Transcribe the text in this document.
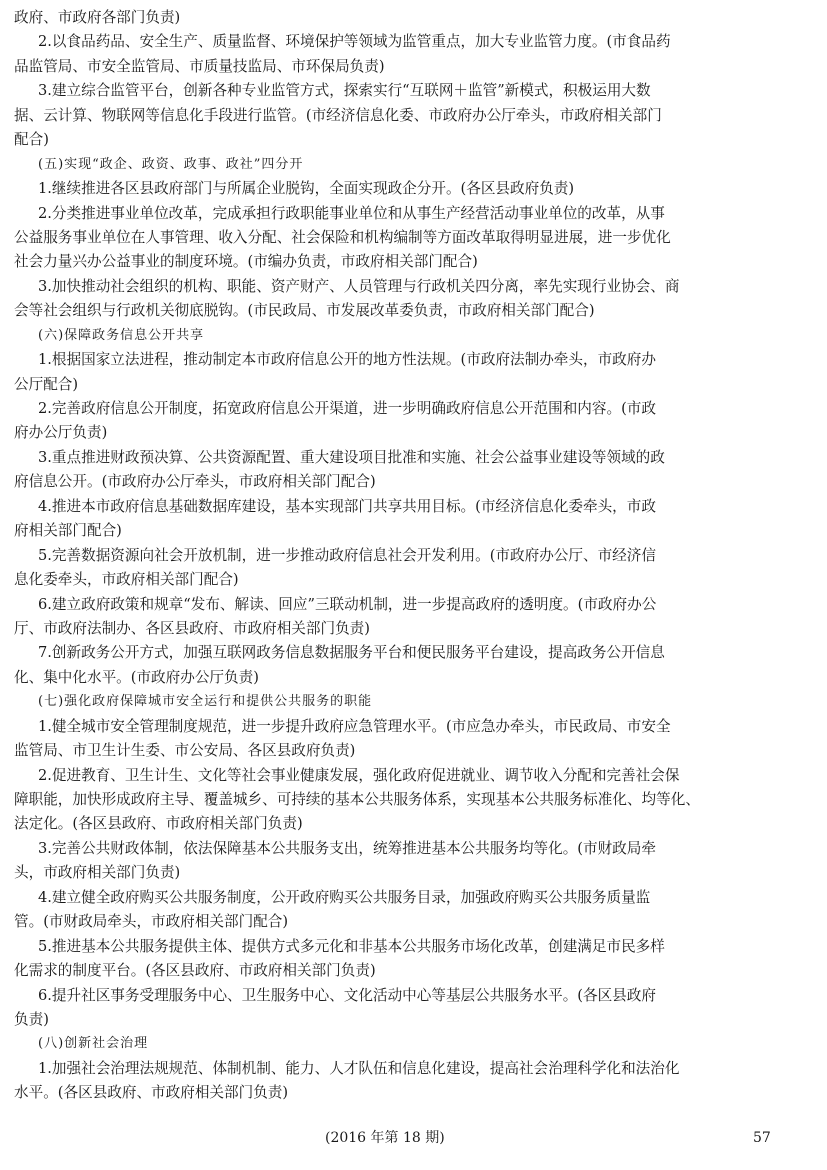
政府、市政府各部门负责)
2.以食品药品、安全生产、质量监督、环境保护等领域为监管重点，加大专业监管力度。(市食品药
品监管局、市安全监管局、市质量技监局、市环保局负责)
3.建立综合监管平台，创新各种专业监管方式，探索实行“互联网＋监管”新模式，积极运用大数
据、云计算、物联网等信息化手段进行监管。(市经济信息化委、市政府办公厅牵头，市政府相关部门
配合)
(五)实现“政企、政资、政事、政社”四分开
1.继续推进各区县政府部门与所属企业脱钩，全面实现政企分开。(各区县政府负责)
2.分类推进事业单位改革，完成承担行政职能事业单位和从事生产经营活动事业单位的改革，从事
公益服务事业单位在人事管理、收入分配、社会保险和机构编制等方面改革取得明显进展，进一步优化
社会力量兴办公益事业的制度环境。(市编办负责，市政府相关部门配合)
3.加快推动社会组织的机构、职能、资产财产、人员管理与行政机关四分离，率先实现行业协会、商
会等社会组织与行政机关彻底脱钩。(市民政局、市发展改革委负责，市政府相关部门配合)
(六)保障政务信息公开共享
1.根据国家立法进程，推动制定本市政府信息公开的地方性法规。(市政府法制办牵头，市政府办
公厅配合)
2.完善政府信息公开制度，拓宽政府信息公开渠道，进一步明确政府信息公开范围和内容。(市政
府办公厅负责)
3.重点推进财政预决算、公共资源配置、重大建设项目批准和实施、社会公益事业建设等领域的政
府信息公开。(市政府办公厅牵头，市政府相关部门配合)
4.推进本市政府信息基础数据库建设，基本实现部门共享共用目标。(市经济信息化委牵头，市政
府相关部门配合)
5.完善数据资源向社会开放机制，进一步推动政府信息社会开发利用。(市政府办公厅、市经济信
息化委牵头，市政府相关部门配合)
6.建立政府政策和规章“发布、解读、回应”三联动机制，进一步提高政府的透明度。(市政府办公
厅、市政府法制办、各区县政府、市政府相关部门负责)
7.创新政务公开方式，加强互联网政务信息数据服务平台和便民服务平台建设，提高政务公开信息
化、集中化水平。(市政府办公厅负责)
(七)强化政府保障城市安全运行和提供公共服务的职能
1.健全城市安全管理制度规范，进一步提升政府应急管理水平。(市应急办牵头，市民政局、市安全
监管局、市卫生计生委、市公安局、各区县政府负责)
2.促进教育、卫生计生、文化等社会事业健康发展，强化政府促进就业、调节收入分配和完善社会保
障职能，加快形成政府主导、覆盖城乡、可持续的基本公共服务体系，实现基本公共服务标准化、均等化、
法定化。(各区县政府、市政府相关部门负责)
3.完善公共财政体制，依法保障基本公共服务支出，统筹推进基本公共服务均等化。(市财政局牵
头，市政府相关部门负责)
4.建立健全政府购买公共服务制度，公开政府购买公共服务目录，加强政府购买公共服务质量监
管。(市财政局牵头，市政府相关部门配合)
5.推进基本公共服务提供主体、提供方式多元化和非基本公共服务市场化改革，创建满足市民多样
化需求的制度平台。(各区县政府、市政府相关部门负责)
6.提升社区事务受理服务中心、卫生服务中心、文化活动中心等基层公共服务水平。(各区县政府
负责)
(八)创新社会治理
1.加强社会治理法规规范、体制机制、能力、人才队伍和信息化建设，提高社会治理科学化和法治化
水平。(各区县政府、市政府相关部门负责)
(2016 年第 18 期)	57
